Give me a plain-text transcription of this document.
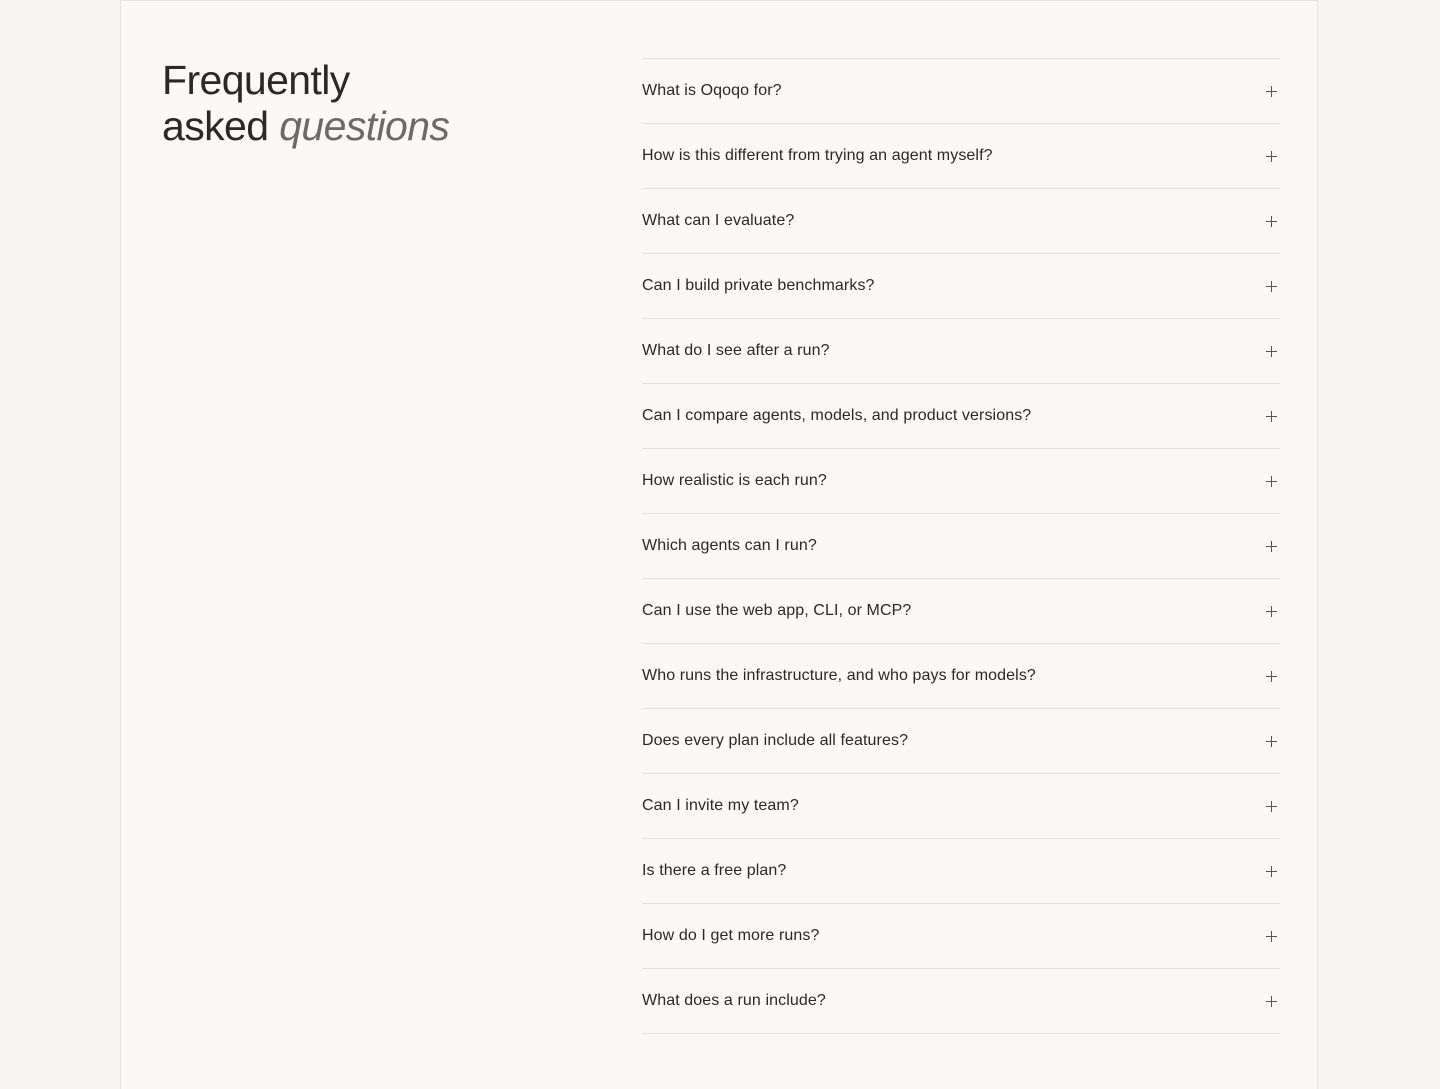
Frequently
asked questions
What is Oqoqo for?
How is this different from trying an agent myself?
What can I evaluate?
Can I build private benchmarks?
What do I see after a run?
Can I compare agents, models, and product versions?
How realistic is each run?
Which agents can I run?
Can I use the web app, CLI, or MCP?
Who runs the infrastructure, and who pays for models?
Does every plan include all features?
Can I invite my team?
Is there a free plan?
How do I get more runs?
What does a run include?
